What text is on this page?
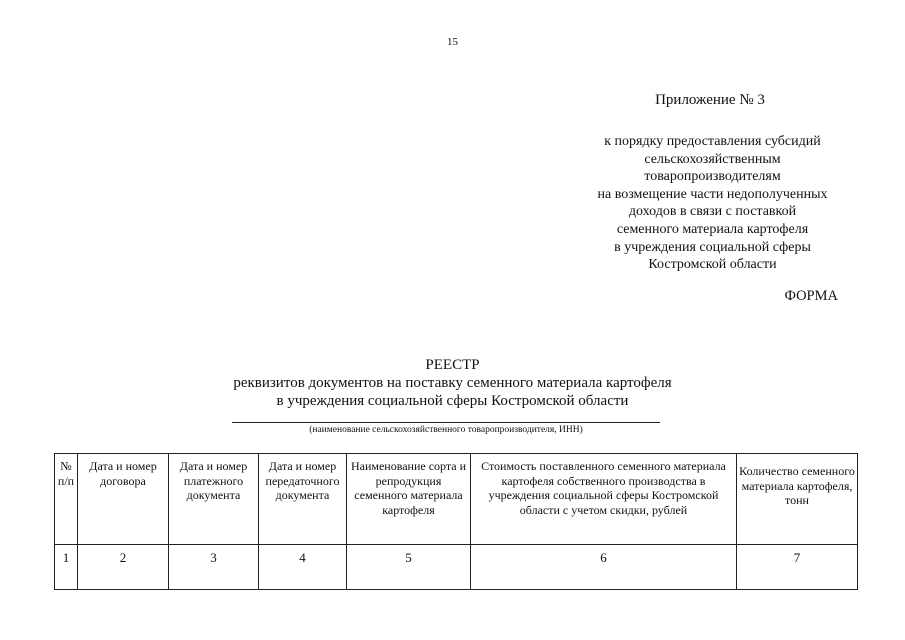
15
Приложение № 3
к порядку предоставления субсидий
сельскохозяйственным
товаропроизводителям
на возмещение части недополученных
доходов в связи с поставкой
семенного материала картофеля
в учреждения социальной сферы
Костромской области
ФОРМА
РЕЕСТР
реквизитов документов на поставку семенного материала картофеля
в учреждения социальной сферы Костромской области
(наименование сельскохозяйственного товаропроизводителя, ИНН)
№ п/п	Дата и номер договора	Дата и номер платежного документа	Дата и номер передаточного документа	Наименование сорта и репродукция семенного материала картофеля	Стоимость поставленного семенного материала картофеля собственного производства в учреждения социальной сферы Костромской области с учетом скидки, рублей	Количество семенного материала картофеля, тонн
1	2	3	4	5	6	7
